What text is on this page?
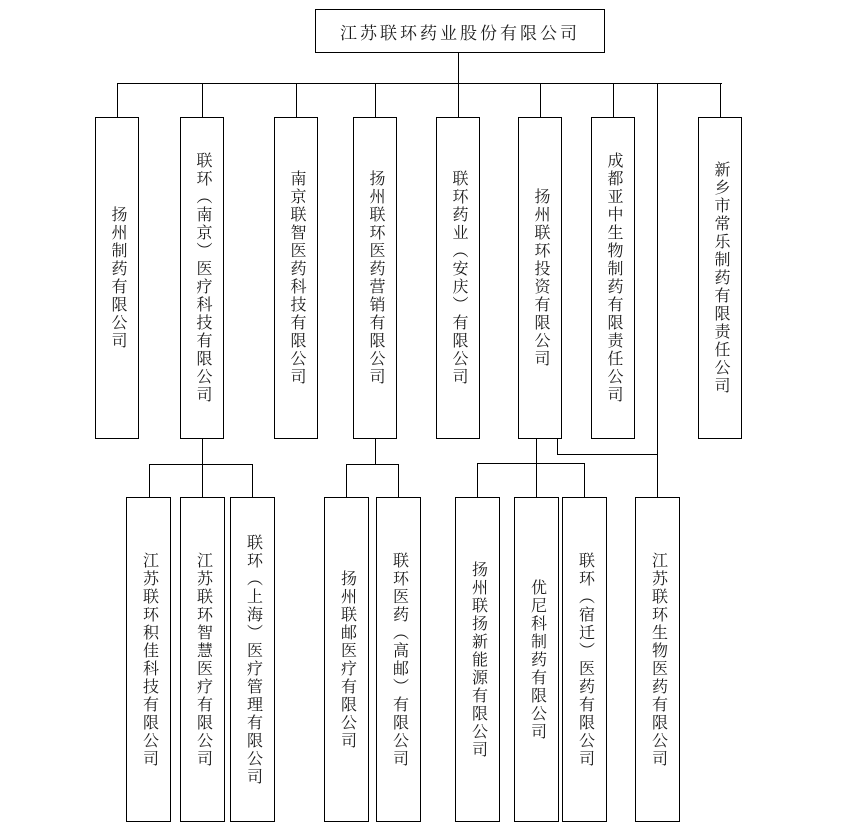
江苏联环药业股份有限公司
扬州制药有限公司	联环（南京）医疗科技有限公司	南京联智医药科技有限公司	扬州联环医药营销有限公司	联环药业（安庆）有限公司	扬州联环投资有限公司	成都亚中生物制药有限责任公司	新乡市常乐制药有限责任公司
江苏联环积佳科技有限公司 江苏联环智慧医疗有限公司 联环（上海）医疗管理有限公司	扬州联邮医疗有限公司 联环医药（高邮）有限公司	扬州联扬新能源有限公司	优尼科制药有限公司 联环（宿迁）医药有限公司	江苏联环生物医药有限公司
